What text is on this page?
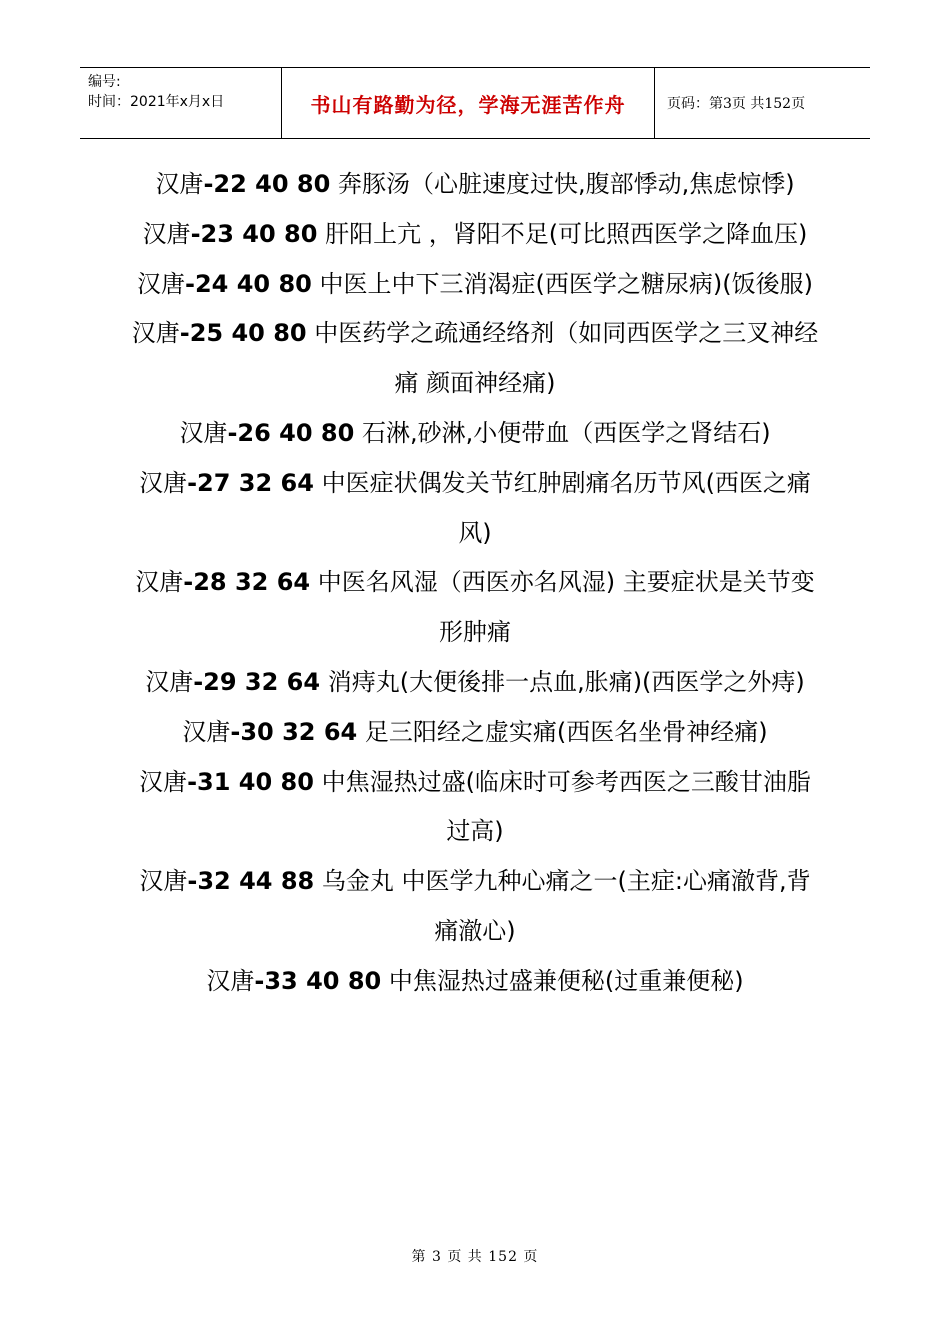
编号:
时间：2021年x月x日	书山有路勤为径，学海无涯苦作舟	页码：第3页 共152页

汉唐-22 40 80 奔豚汤（心脏速度过快,腹部悸动,焦虑惊悸)

汉唐-23 40 80 肝阳上亢 ，肾阳不足(可比照西医学之降血压)

汉唐-24 40 80 中医上中下三消渴症(西医学之糖尿病)(饭後服)

汉唐-25 40 80 中医药学之疏通经络剂（如同西医学之三叉神经痛 颜面神经痛)

汉唐-26 40 80 石淋,砂淋,小便带血（西医学之肾结石)

汉唐-27 32 64 中医症状偶发关节红肿剧痛名历节风(西医之痛风)

汉唐-28 32 64 中医名风湿（西医亦名风湿) 主要症状是关节变形肿痛

汉唐-29 32 64 消痔丸(大便後排一点血,胀痛)(西医学之外痔)

汉唐-30 32 64 足三阳经之虚实痛(西医名坐骨神经痛)

汉唐-31 40 80 中焦湿热过盛(临床时可参考西医之三酸甘油脂过高)

汉唐-32 44 88 乌金丸 中医学九种心痛之一(主症:心痛澈背,背痛澈心)

汉唐-33 40 80 中焦湿热过盛兼便秘(过重兼便秘)

第 3 页 共 152 页
